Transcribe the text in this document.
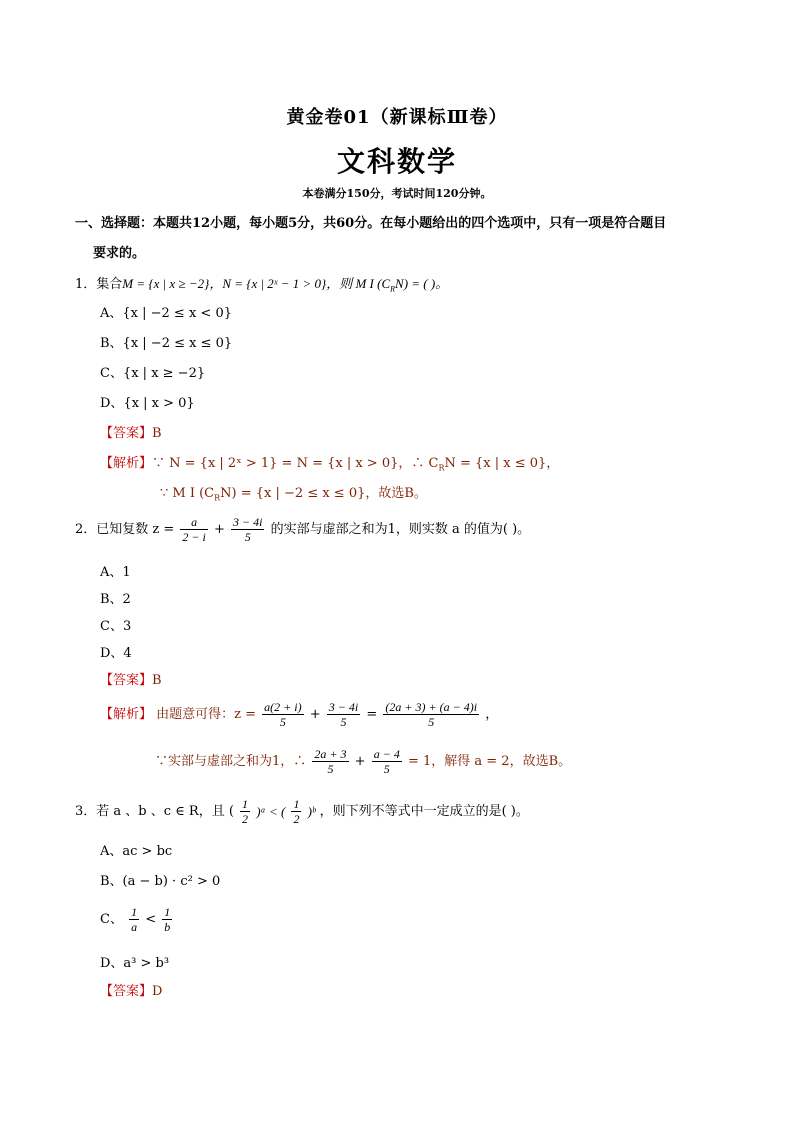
黄金卷01（新课标Ⅲ卷）
文科数学
本卷满分150分，考试时间120分钟。
一、选择题：本题共12小题，每小题5分，共60分。在每小题给出的四个选项中，只有一项是符合题目
要求的。
1．集合M = {x | x ≥ −2}，N = {x | 2ˣ − 1 > 0}，则 M I $(C_RN)$ = ( )。
A、{x | −2 ≤ x < 0}
B、{x | −2 ≤ x ≤ 0}
C、{x | x ≥ −2}
D、{x | x > 0}
【答案】B
【解析】∵ N = {x | 2ˣ > 1} = N = {x | x > 0}，∴ $C_RN = \{x$ | x ≤ 0}，
∵ M I $(C_RN) = \{x$ | −2 ≤ x ≤ 0}，故选B。
2．已知复数 $z = \frac{a}{2 - i} + \frac{3 - 4i}{5}$ 的实部与虚部之和为1，则实数 a 的值为( )。
A、1
B、2
C、3
D、4
【答案】B
【解析】 由题意可得：$z = \frac{a(2 + i)}{5} + \frac{3 - 4i}{5} = \frac{(2a + 3) + (a - 4)i}{5}$ ，
∵实部与虚部之和为1，∴ $\frac{2a + 3}{5} + \frac{a - 4}{5} = 1$，解得 a = 2，故选B。
3．若 a 、b 、c ∈ R，且 ( $\frac{1}{2}$ )ᵃ < ( $\frac{1}{2}$ )ᵇ ，则下列不等式中一定成立的是( )。
A、ac > bc
B、(a − b) · c² > 0
C、 $\frac{1}{a} < \frac{1}{b}$
D、a³ > b³
【答案】D
